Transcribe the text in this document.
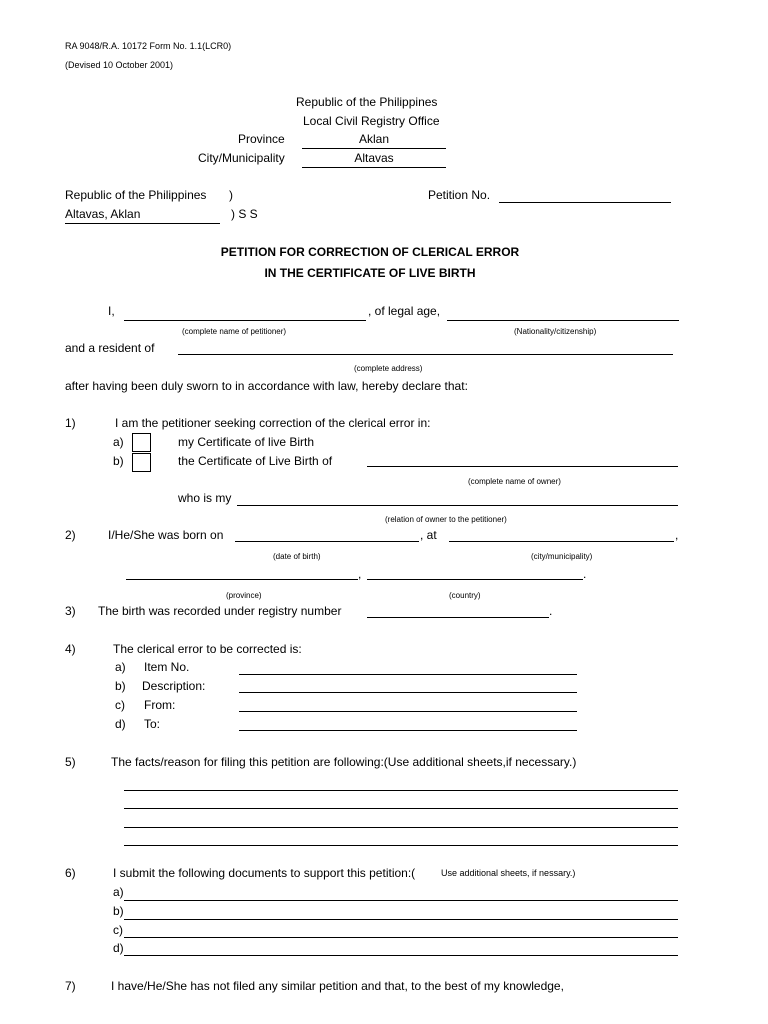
RA 9048/R.A. 10172 Form No. 1.1(LCR0)
(Devised 10 October 2001)
Republic of the Philippines
Local Civil Registry Office
Province	Aklan
City/Municipality	Altavas
Republic of the Philippines )
Altavas, Aklan	) S S
Petition No.
PETITION FOR CORRECTION OF CLERICAL ERROR
IN THE CERTIFICATE OF LIVE BIRTH
I,	, of legal age,
(complete name of petitioner)	(Nationality/citizenship)
and a resident of
(complete address)
after having been duly sworn to in accordance with law, hereby declare that:
1)	I am the petitioner seeking correction of the clerical error in:
a)	my Certificate of live Birth
b)	the Certificate of Live Birth of
(complete name of owner)
who is my
(relation of owner to the petitioner)
2)	I/He/She was born on	, at	,
(date of birth)	(city/municipality)
,	.
(province)	(country)
3) The birth was recorded under registry number	.
4)	The clerical error to be corrected is:
a) Item No.
b) Description:
c) From:
d) To:
5)	The facts/reason for filing this petition are following:(Use additional sheets,if necessary.)
6)	I submit the following documents to support this petition:(	Use additional sheets, if nessary.)
a)
b)
c)
d)
7)	I have/He/She has not filed any similar petition and that, to the best of my knowledge,
